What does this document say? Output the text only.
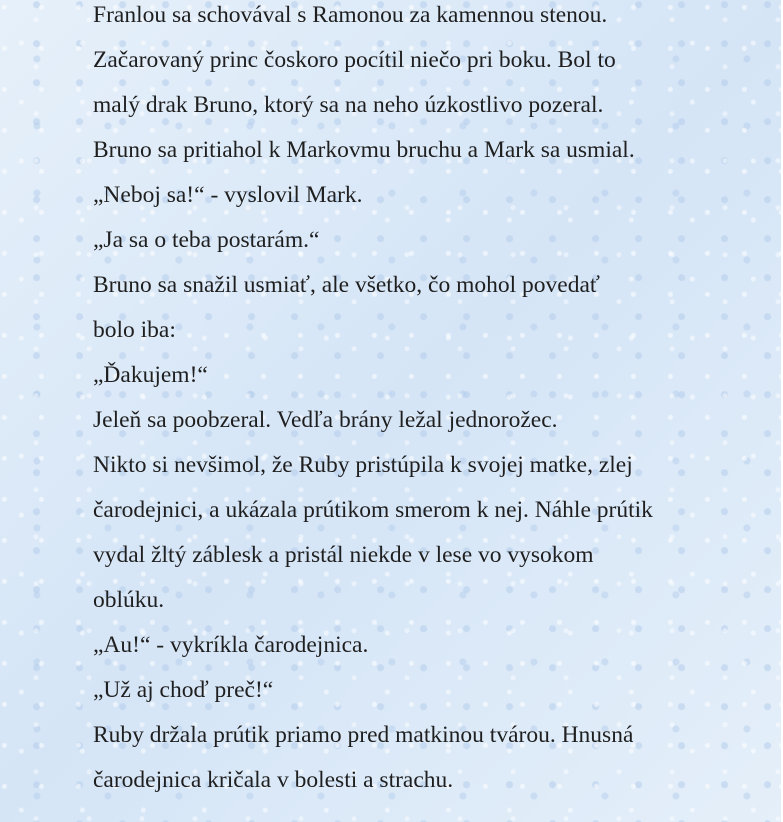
Franlou sa schovával s Ramonou za kamennou stenou.
Začarovaný princ čoskoro pocítil niečo pri boku. Bol to
malý drak Bruno, ktorý sa na neho úzkostlivo pozeral.
Bruno sa pritiahol k Markovmu bruchu a Mark sa usmial.
„Neboj sa!“ - vyslovil Mark.
„Ja sa o teba postarám.“
Bruno sa snažil usmiať, ale všetko, čo mohol povedať
bolo iba:
„Ďakujem!“
Jeleň sa poobzeral. Vedľa brány ležal jednorožec.
Nikto si nevšimol, že Ruby pristúpila k svojej matke, zlej
čarodejnici, a ukázala prútikom smerom k nej. Náhle prútik
vydal žltý záblesk a pristál niekde v lese vo vysokom
oblúku.
„Au!“ - vykríkla čarodejnica.
„Už aj choď preč!“
Ruby držala prútik priamo pred matkinou tvárou. Hnusná
čarodejnica kričala v bolesti a strachu.
